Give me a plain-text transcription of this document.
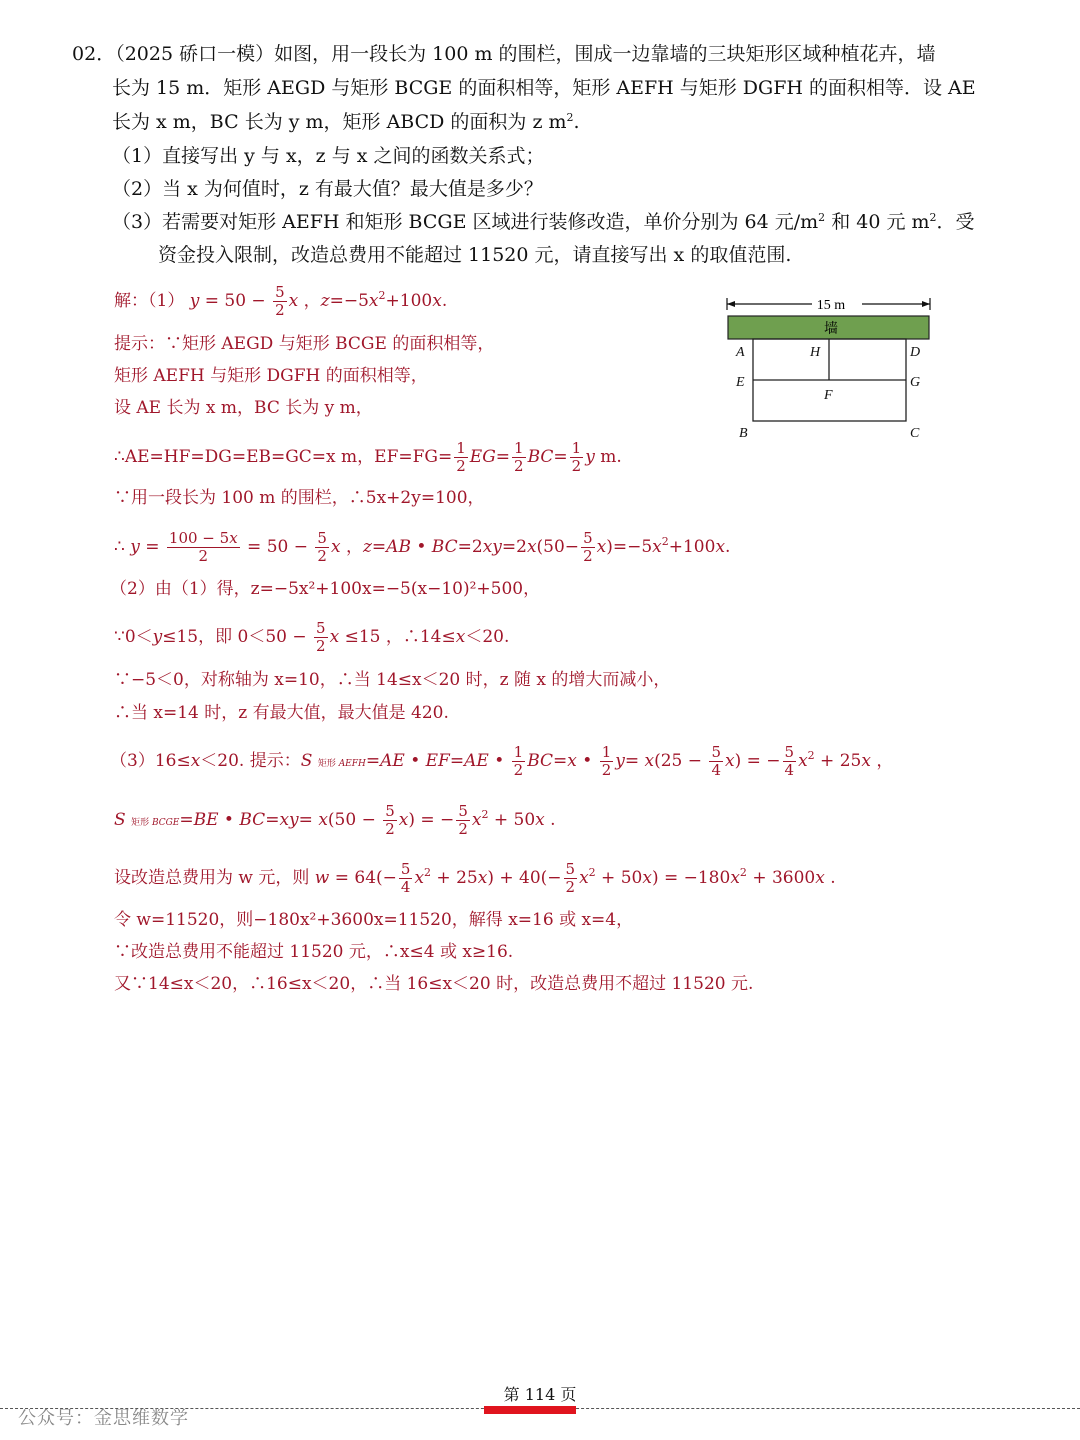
02．（2025 硚口一模）如图，用一段长为 100 m 的围栏，围成一边靠墙的三块矩形区域种植花卉，墙
长为 15 m．矩形 AEGD 与矩形 BCGE 的面积相等，矩形 AEFH 与矩形 DGFH 的面积相等．设 AE
长为 x m，BC 长为 y m，矩形 ABCD 的面积为 z $m^2$.
（1）直接写出 y 与 x，z 与 x 之间的函数关系式；
（2）当 x 为何值时，z 有最大值？最大值是多少？
（3）若需要对矩形 AEFH 和矩形 BCGE 区域进行装修改造，单价分别为 64 元$/m^2$ 和 40 元 $m^2$．受
资金投入限制，改造总费用不能超过 11520 元，请直接写出 x 的取值范围.
15 m
墙
A	H	D
E
F
G
B	C
解：（1） $y = 50 - \frac{5}{2}$ x ，$z=-5x^2+100x$.
提示：∵矩形 AEGD 与矩形 BCGE 的面积相等，
矩形 AEFH 与矩形 DGFH 的面积相等，
设 AE 长为 x m，BC 长为 y m，
∴AE=HF=DG=EB=GC=x m，$EF=FG= \frac{1}{2} EG= \frac{1}{2} BC= \frac{1}{2}$ y m.
∵用一段长为 100 m 的围栏，∴5x+2y=100，
∴ $y = \frac{100 - 5x}{2} = 50 - \frac{5}{2}$ x ，z=AB • $BC=2xy=2x(50- \frac{5}{2} x)=-5x^2+100x$.
（2）由（1）得，z=−5x²+100x=−5(x−10)²+500，
∵0＜y≤15，即 $0<50 - \frac{5}{2}$ x ≤15 ，∴14≤x＜20.
∵−5＜0，对称轴为 x=10，∴当 14≤x＜20 时，z 随 x 的增大而减小，
∴当 x=14 时，z 有最大值，最大值是 420.
（3）16≤x＜20. 提示：S 矩形 AEFH=AE • EF=AE • $\frac{1}{2} BC=x$ • $\frac{1}{2} y= x(25 - \frac{5}{4} x)$ = − $\frac{5}{4} x^2 + 25x$ ，
S 矩形 BCGE=BE • $BC=xy= x(50 - \frac{5}{2} x)$ = − $\frac{5}{2} x^2 + 50x$ .
设改造总费用为 w 元，则 $w = 64(- \frac{5}{4} x^2 + 25x) + 40(- \frac{5}{2} x^2 + 50x) = -180x^2 + 3600x$ .
令 w=11520，则−180x²+3600x=11520，解得 x=16 或 x=4，
∵改造总费用不能超过 11520 元，∴x≤4 或 x≥16.
又∵14≤x＜20，∴16≤x＜20，∴当 16≤x＜20 时，改造总费用不超过 11520 元.
第 114 页
公众号：金思维数学
